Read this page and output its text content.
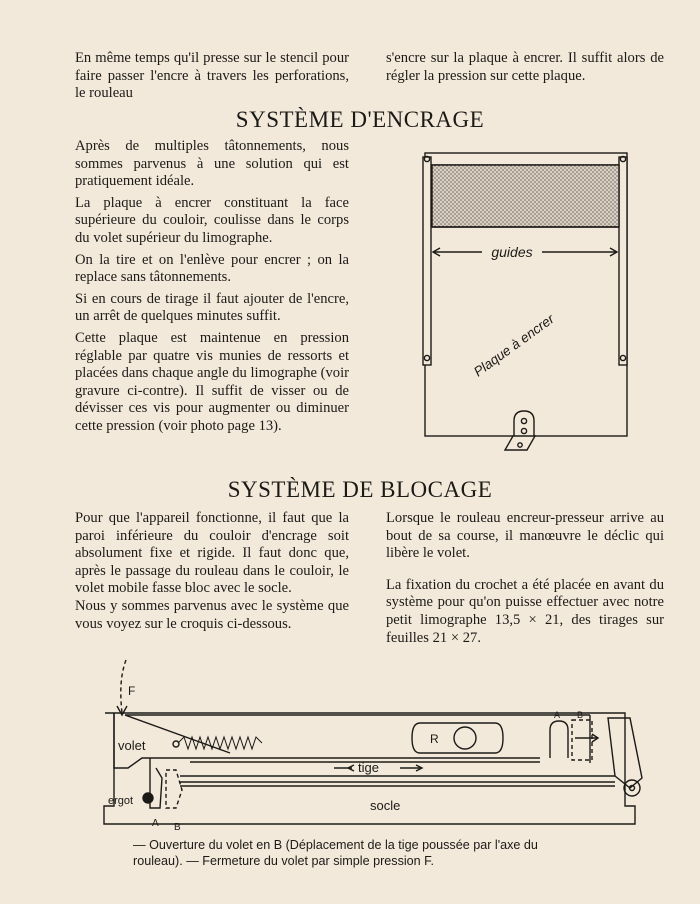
En même temps qu'il presse sur le stencil pour faire passer l'encre à travers les perforations, le rouleau

s'encre sur la plaque à encrer. Il suffit alors de régler la pression sur cette plaque.

SYSTÈME D'ENCRAGE

Après de multiples tâtonnements, nous sommes parvenus à une solution qui est pratiquement idéale.

La plaque à encrer constituant la face supérieure du couloir, coulisse dans le corps du volet supérieur du limographe.

On la tire et on l'enlève pour encrer ; on la replace sans tâtonnements.

Si en cours de tirage il faut ajouter de l'encre, un arrêt de quelques minutes suffit.

Cette plaque est maintenue en pression réglable par quatre vis munies de ressorts et placées dans chaque angle du limographe (voir gravure ci-contre). Il suffit de visser ou de dévisser ces vis pour augmenter ou diminuer cette pression (voir photo page 13).

guides
Plaque à encrer
SYSTÈME DE BLOCAGE

Pour que l'appareil fonctionne, il faut que la paroi inférieure du couloir d'encrage soit absolument fixe et rigide. Il faut donc que, après le passage du rouleau dans le couloir, le volet mobile fasse bloc avec le socle.

Nous y sommes parvenus avec le système que vous voyez sur le croquis ci-dessous.

Lorsque le rouleau encreur-presseur arrive au bout de sa course, il manœuvre le déclic qui libère le volet.

La fixation du crochet a été placée en avant du système pour qu'on puisse effectuer avec notre petit limographe 13,5 × 21, des tirages sur feuilles 21 × 27.

F
volet	R
tige
A B
ergot	socle
A B

— Ouverture du volet en B (Déplacement de la tige poussée par l'axe du rouleau). — Fermeture du volet par simple pression F.
